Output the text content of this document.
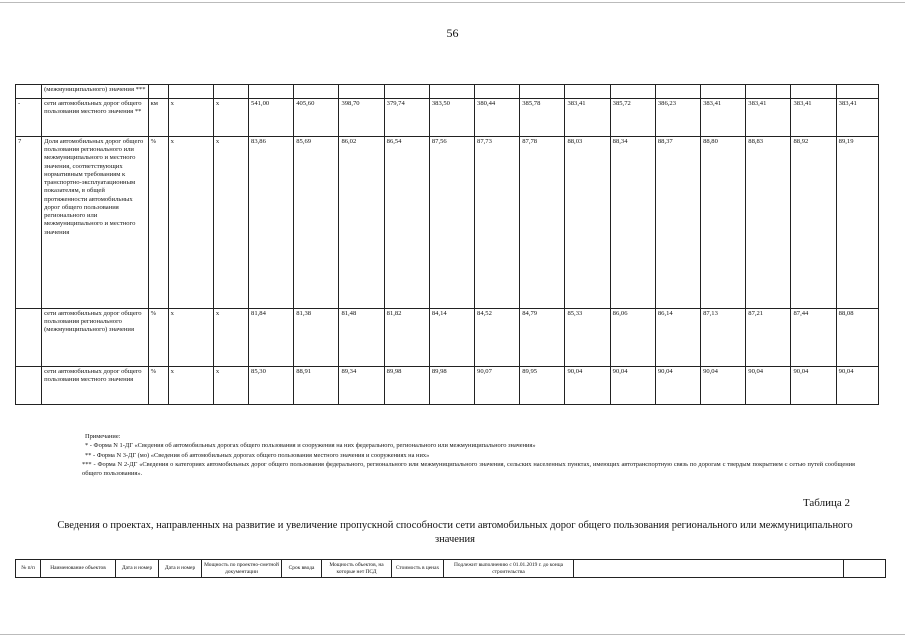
56
	(межмуниципального) значения ***																	
-	сети автомобильных дорог общего пользования местного значения **	км	х	х	541,00	405,60	398,70	379,74	383,50	380,44	385,78	383,41	385,72	386,23	383,41	383,41	383,41	383,41
7	Доля автомобильных дорог общего пользования регионального или межмуниципального и местного значения, соответствующих нормативным требованиям к транспортно-эксплуатационным показателям, в общей протяженности автомобильных дорог общего пользования регионального или межмуниципального и местного значения	%	х	х	83,86	85,69	86,02	86,54	87,56	87,73	87,78	88,03	88,34	88,37	88,80	88,83	88,92	89,19
	сети автомобильных дорог общего пользования регионального (межмуниципального) значения	%	х	х	81,84	81,38	81,48	81,82	84,14	84,52	84,79	85,33	86,06	86,14	87,13	87,21	87,44	88,08
	сети автомобильных дорог общего пользования местного значения	%	х	х	85,30	88,91	89,34	89,98	89,98	90,07	89,95	90,04	90,04	90,04	90,04	90,04	90,04	90,04

Примечание:

* - Форма N 1-ДГ «Сведения об автомобильных дорогах общего пользования и сооружения на них федерального, регионального или межмуниципального значения»

** - Форма N 3-ДГ (мо) «Сведения об автомобильных дорогах общего пользования местного значения и сооружениях на них»

*** - Форма N 2-ДГ «Сведения о категориях автомобильных дорог общего пользования федерального, регионального или межмуниципального значения, сельских населенных пунктах, имеющих автотранспортную связь по дорогам с твердым покрытием с сетью путей сообщения общего пользования».

Таблица 2
Сведения о проектах, направленных на развитие и увеличение пропускной способности сети автомобильных дорог общего пользования регионального или межмуниципального значения
№ п/п	Наименование объектов	Дата и номер	Дата и номер	Мощность по проектно-сметной документации	Срок ввода	Мощность объектов, на которые нет ПСД	Стоимость в ценах	Подлежит выполнению с 01.01.2019 г. до конца строительства		
